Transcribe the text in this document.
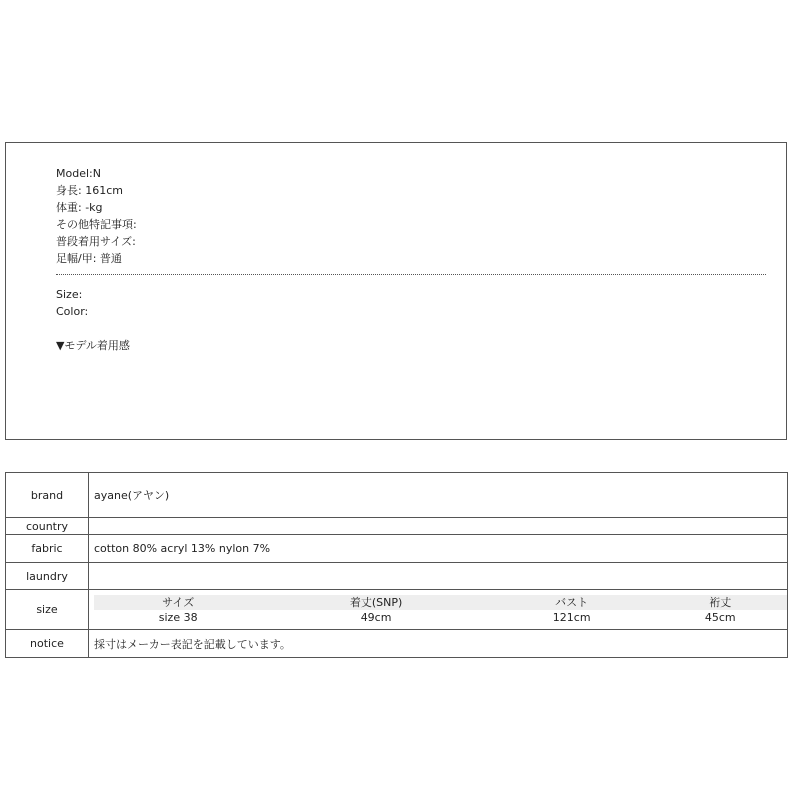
Model:N
身長: 161cm
体重: -kg
その他特記事項:
普段着用サイズ:
足幅/甲: 普通
Size:
Color:
▼モデル着用感
brand	ayane(アヤン)
country	
fabric	cotton 80% acryl 13% nylon 7%
laundry	
size	
サイズ	着丈(SNP)	バスト	裄丈
size 38	49cm	121cm	45cm

notice	採寸はメーカー表記を記載しています。
